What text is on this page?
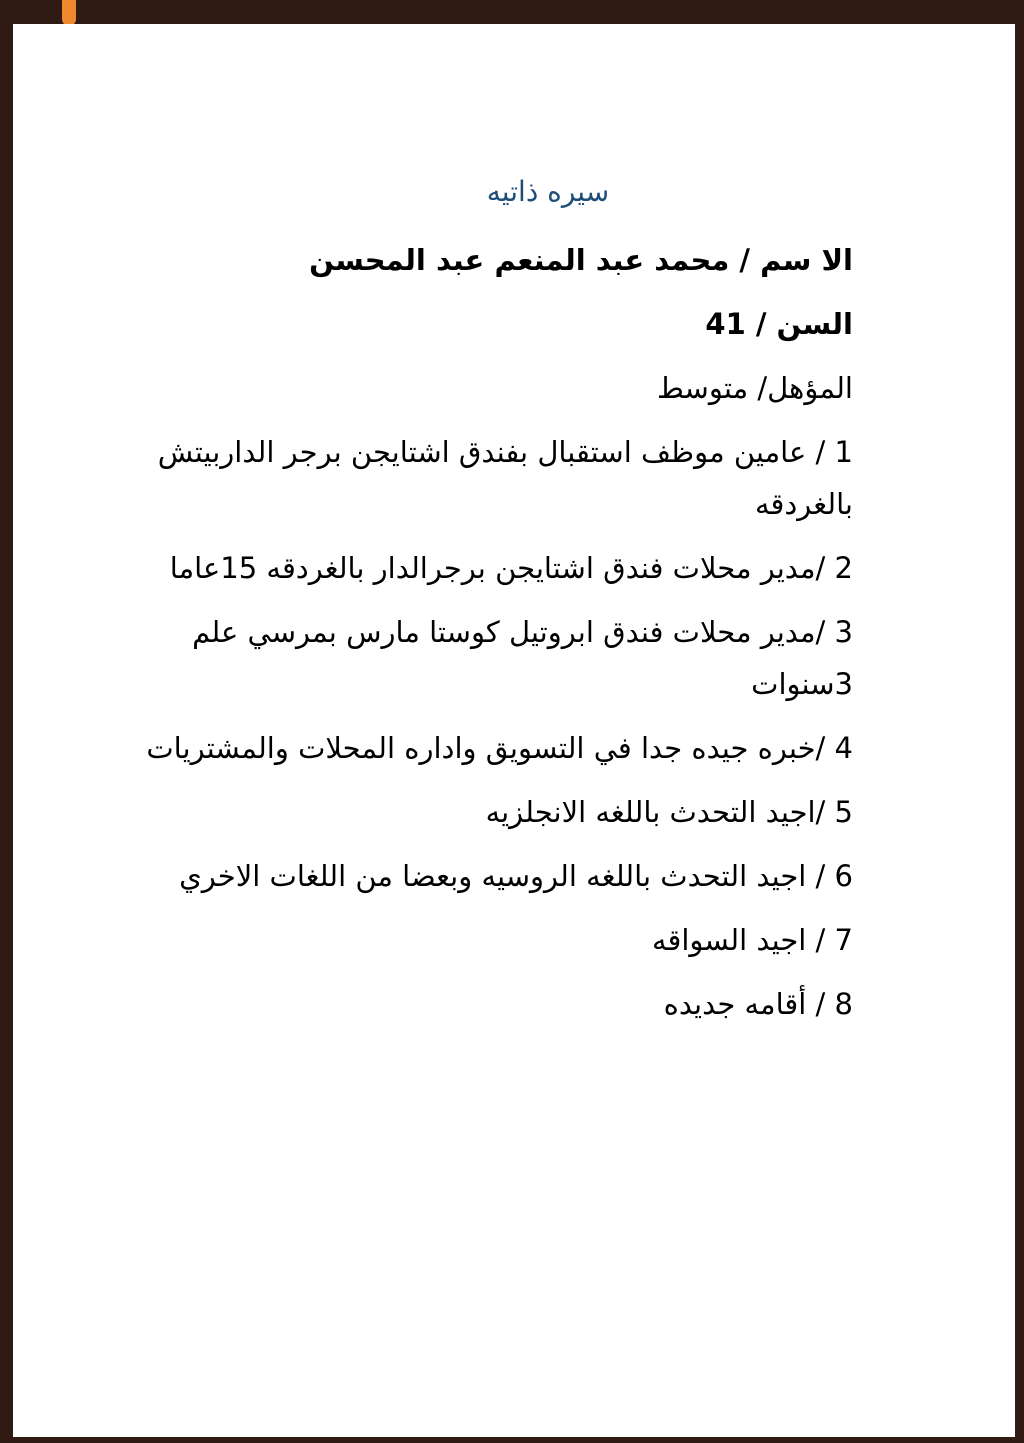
سيره ذاتيه
الا سم / محمد عبد المنعم عبد المحسن
السن / 41
المؤهل/ متوسط
1 / عامين موظف استقبال بفندق اشتايجن برجر الداربيتش بالغردقه
2 /مدير محلات فندق اشتايجن برجرالدار بالغردقه 15عاما
3 /مدير محلات فندق ابروتيل كوستا مارس بمرسي علم 3سنوات
4 /خبره جيده جدا في التسويق واداره المحلات والمشتريات
5 /اجيد التحدث باللغه الانجلزيه
6 / اجيد التحدث باللغه الروسيه وبعضا من اللغات الاخري
7 / اجيد السواقه
8 / أقامه جديده
